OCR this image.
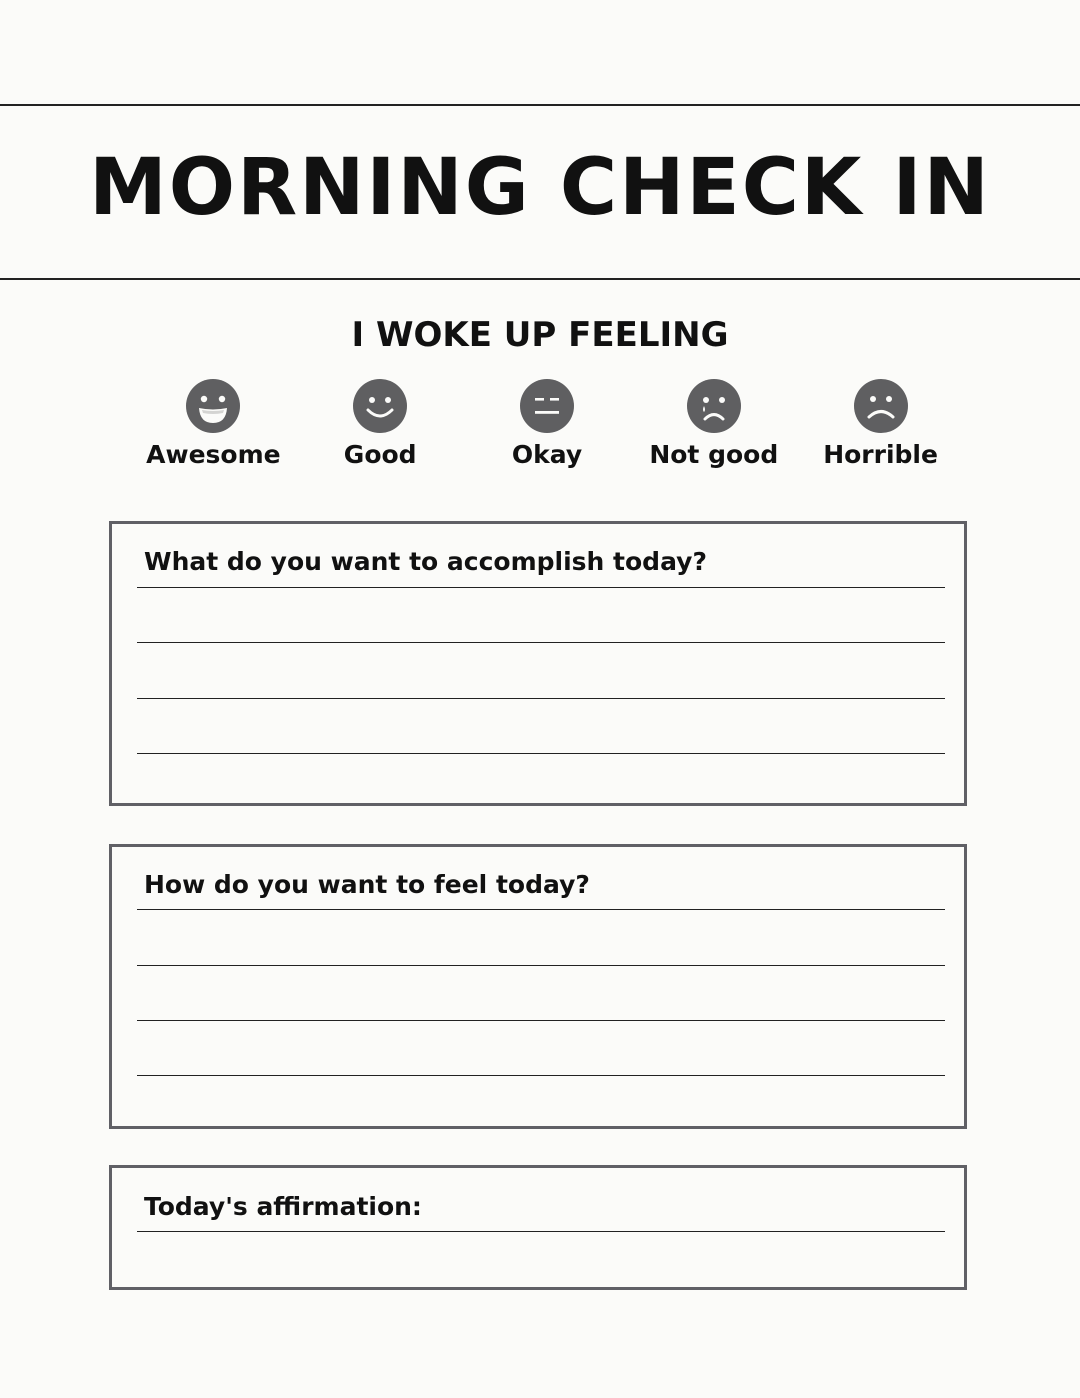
MORNING CHECK IN
I WOKE UP FEELING
Awesome	Good	Okay	Not good Horrible
What do you want to accomplish today?
How do you want to feel today?
Today's affirmation:
